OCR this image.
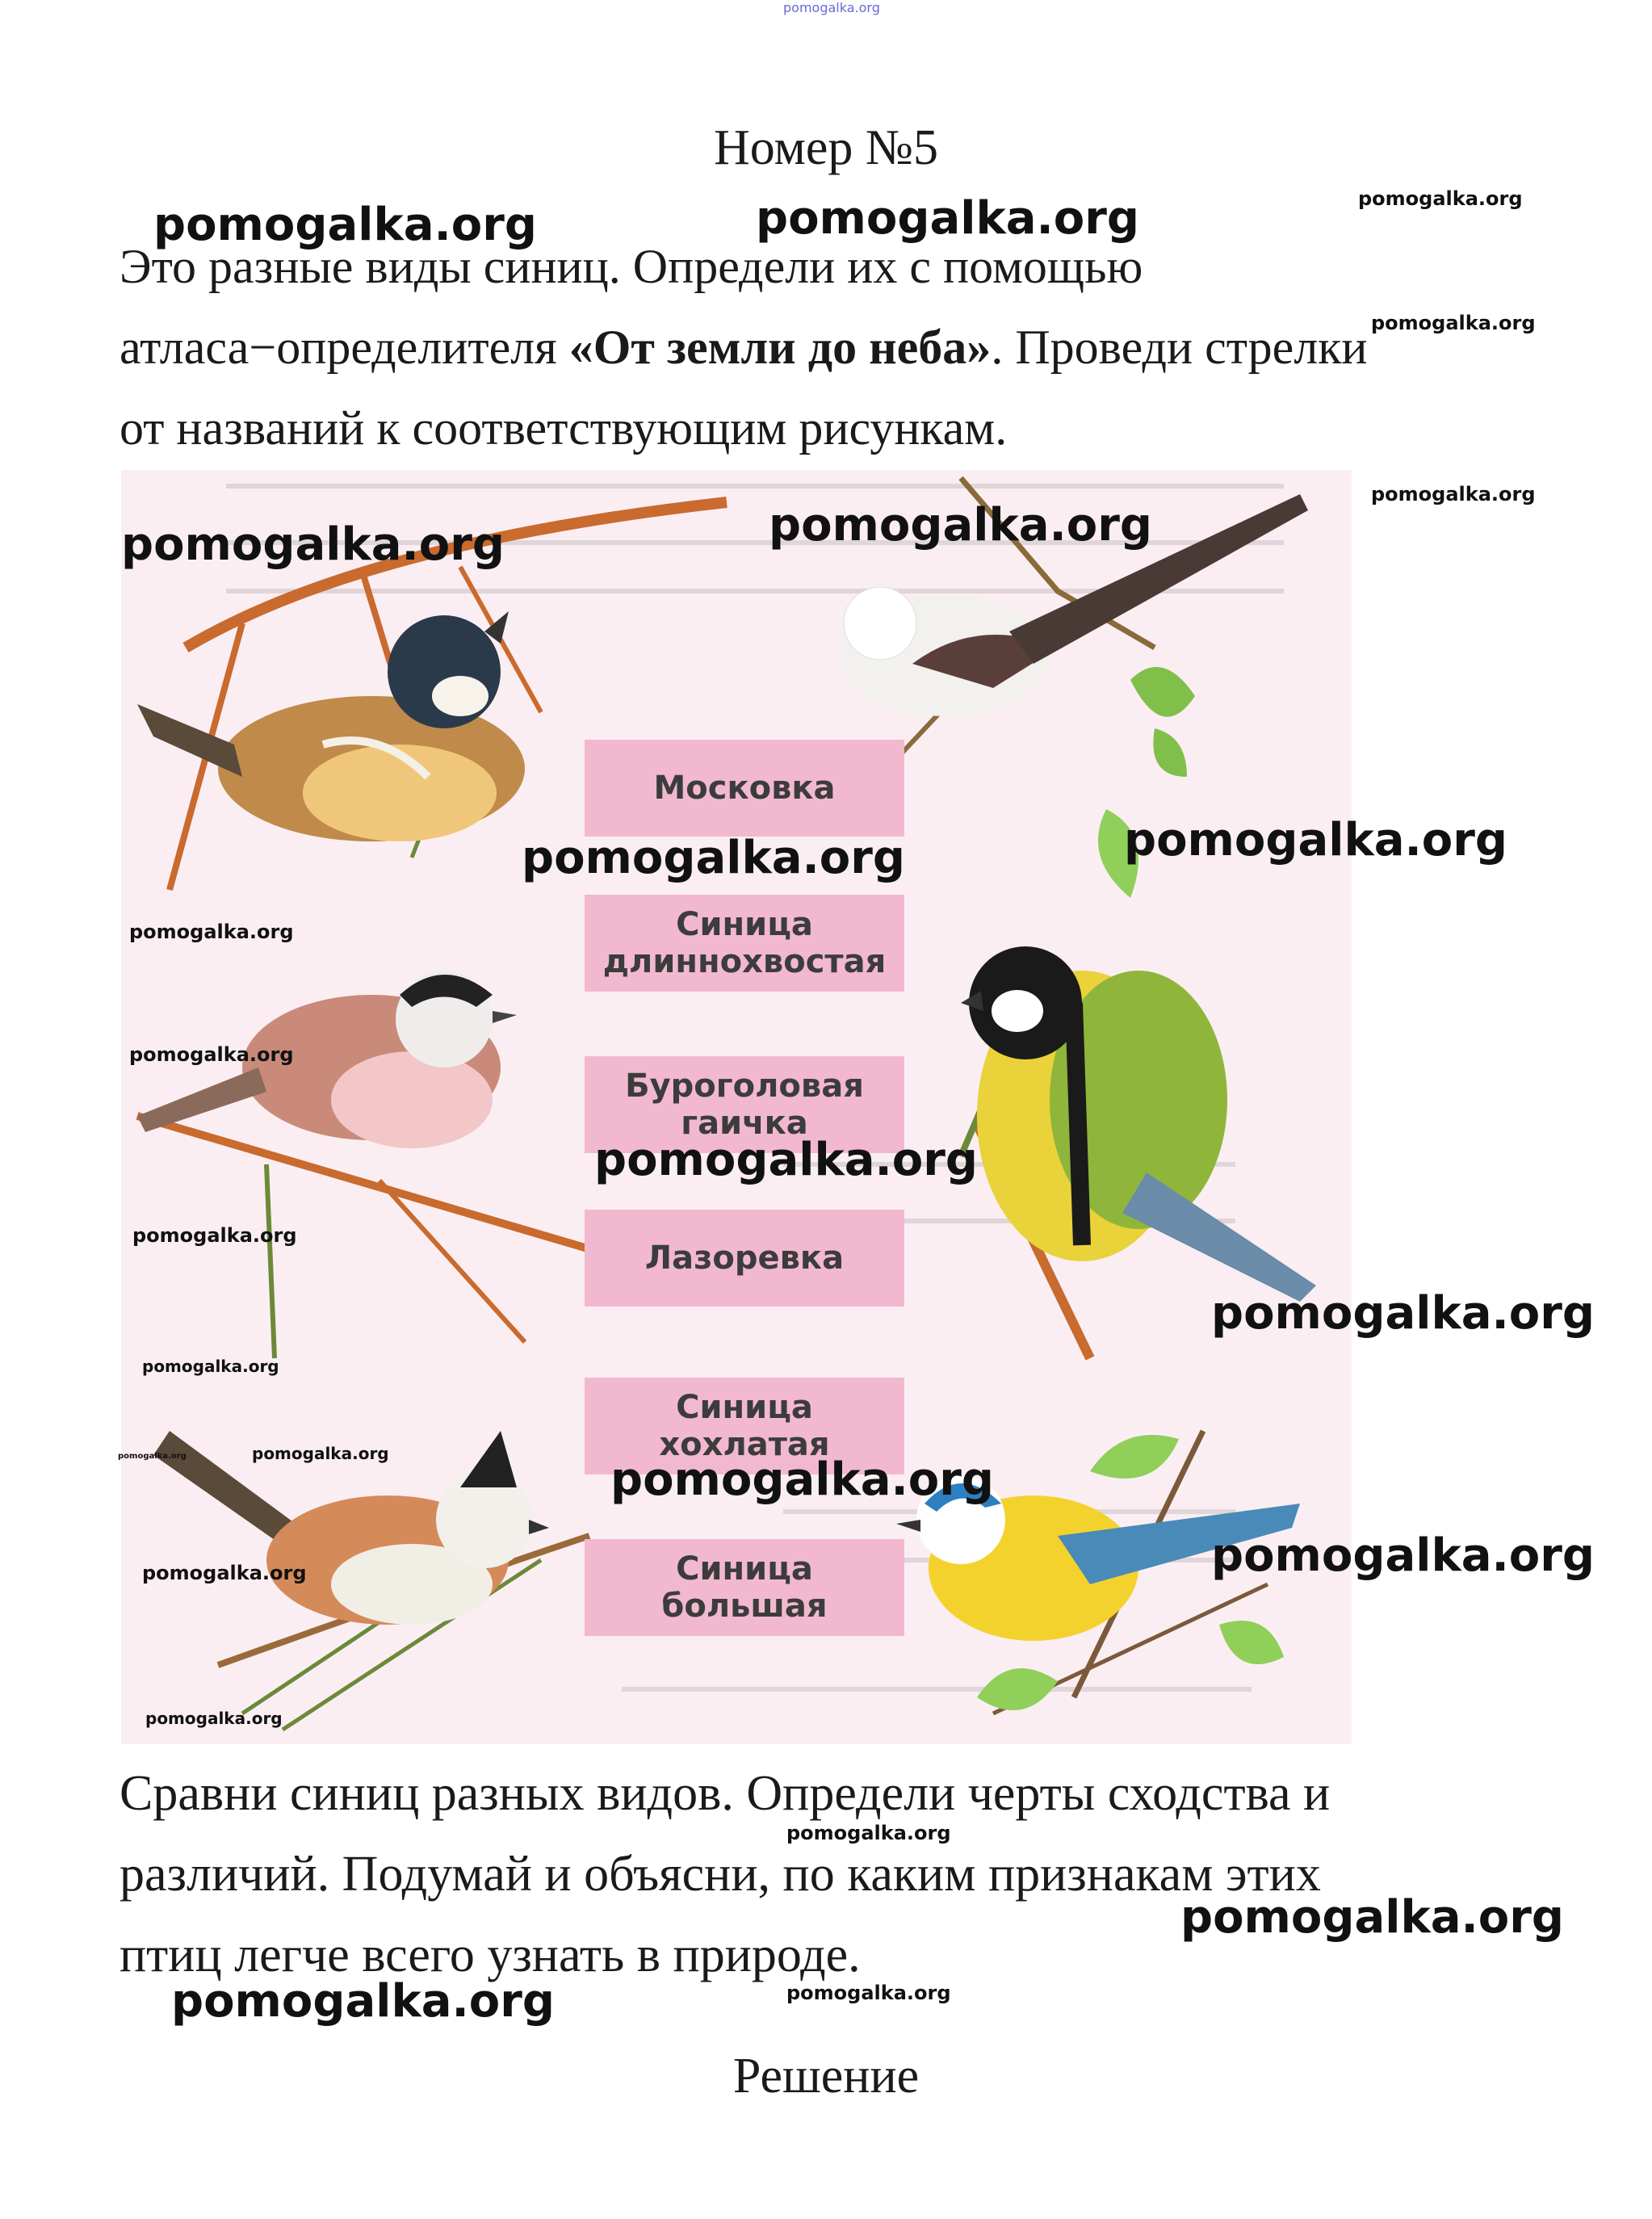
pomogalka.org
Номер №5
Это разные виды синиц. Определи их с помощью
атласа−определителя «От земли до неба». Проведи стрелки
от названий к соответствующим рисункам.
Московка
Синица
длиннохвостая
Буроголовая
гаичка
Лазоревка
Синица
хохлатая
Синица
большая
Сравни синиц разных видов. Определи черты сходства и
различий. Подумай и объясни, по каким признакам этих
птиц легче всего узнать в природе.
Решение
pomogalka.org	pomogalka.org	pomogalka.org
pomogalka.org
pomogalka.org
pomogalka.org	pomogalka.org
pomogalka.org	pomogalka.org
pomogalka.org
pomogalka.org
pomogalka.org
pomogalka.org
pomogalka.org
pomogalka.org
pomogalka.org	pomogalka.org	pomogalka.org
pomogalka.org	pomogalka.org
pomogalka.org
pomogalka.org
pomogalka.org
pomogalka.org	pomogalka.org
